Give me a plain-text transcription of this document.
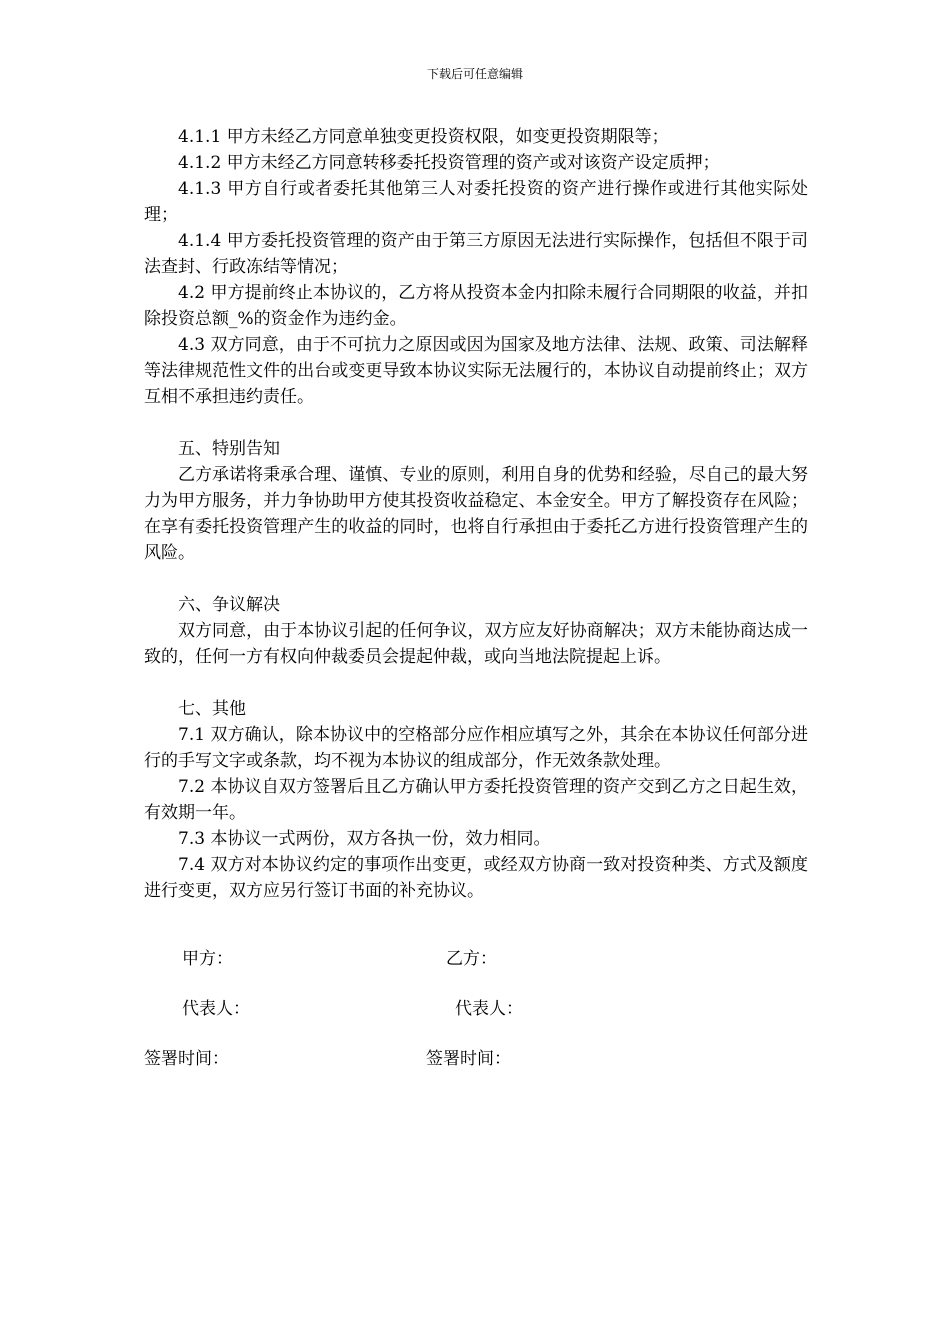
下载后可任意编辑

4.1.1 甲方未经乙方同意单独变更投资权限，如变更投资期限等；

4.1.2 甲方未经乙方同意转移委托投资管理的资产或对该资产设定质押；

4.1.3 甲方自行或者委托其他第三人对委托投资的资产进行操作或进行其他实际处理；

4.1.4 甲方委托投资管理的资产由于第三方原因无法进行实际操作，包括但不限于司法查封、行政冻结等情况；

4.2 甲方提前终止本协议的，乙方将从投资本金内扣除未履行合同期限的收益，并扣除投资总额_%的资金作为违约金。

4.3 双方同意，由于不可抗力之原因或因为国家及地方法律、法规、政策、司法解释等法律规范性文件的出台或变更导致本协议实际无法履行的，本协议自动提前终止；双方互相不承担违约责任。

五、特别告知

乙方承诺将秉承合理、谨慎、专业的原则，利用自身的优势和经验，尽自己的最大努力为甲方服务，并力争协助甲方使其投资收益稳定、本金安全。甲方了解投资存在风险；在享有委托投资管理产生的收益的同时，也将自行承担由于委托乙方进行投资管理产生的风险。

六、争议解决

双方同意，由于本协议引起的任何争议，双方应友好协商解决；双方未能协商达成一致的，任何一方有权向仲裁委员会提起仲裁，或向当地法院提起上诉。

七、其他

7.1 双方确认，除本协议中的空格部分应作相应填写之外，其余在本协议任何部分进行的手写文字或条款，均不视为本协议的组成部分，作无效条款处理。

7.2 本协议自双方签署后且乙方确认甲方委托投资管理的资产交到乙方之日起生效，有效期一年。

7.3 本协议一式两份，双方各执一份，效力相同。

7.4 双方对本协议约定的事项作出变更，或经双方协商一致对投资种类、方式及额度进行变更，双方应另行签订书面的补充协议。

甲方：	乙方：
代表人：	代表人：
签署时间：	签署时间：
